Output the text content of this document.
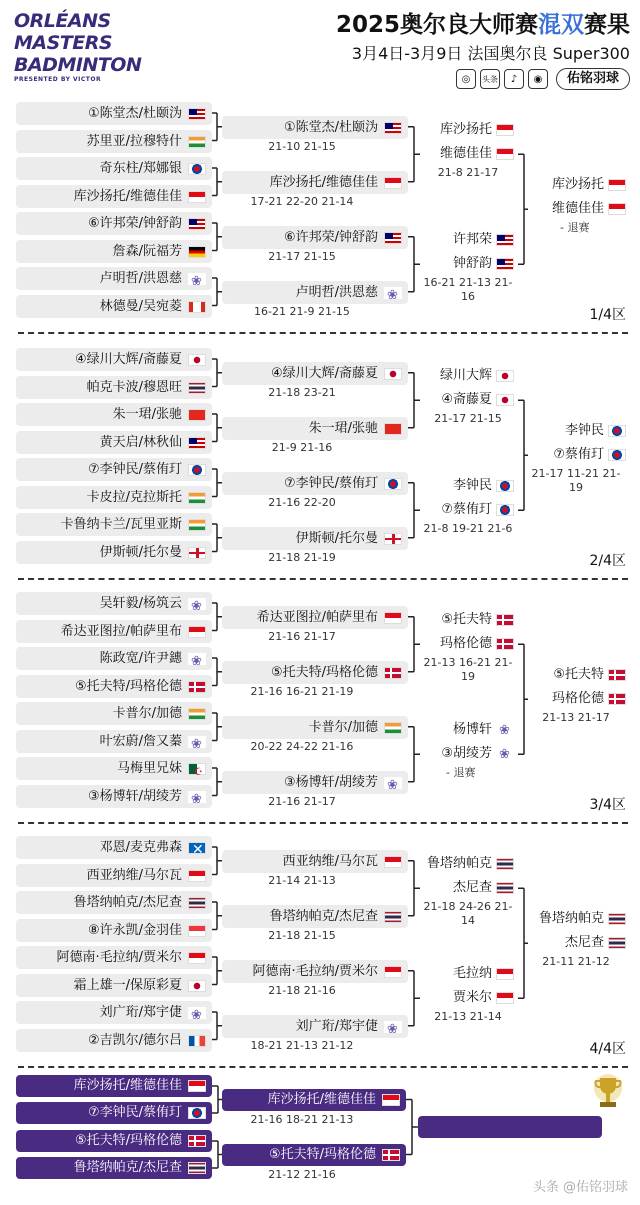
ORLÉANS
MASTERS
BADMINTON
PRESENTED BY VICTOR
2025奥尔良大师赛混双赛果
3月4日-3月9日 法国奥尔良 Super300
◎	头条	♪	◉	佑铭羽球
①陈堂杰/杜颐沩
苏里亚/拉穆特什
奇东柱/郑娜银
库沙扬托/维德佳佳
⑥许邦荣/钟舒韵
詹森/阮福芳
卢明哲/洪恩慈
❀
林德曼/吴宛菱
①陈堂杰/杜颐沩
21-10 21-15
库沙扬托/维德佳佳
17-21 22-20 21-14
⑥许邦荣/钟舒韵
21-17 21-15
卢明哲/洪恩慈
❀
16-21 21-9 21-15
库沙扬托
维德佳佳
21-8 21-17
许邦荣
钟舒韵
16-21 21-13 21-16
库沙扬托
维德佳佳
- 退赛
1/4区
④绿川大辉/斋藤夏
帕克卡波/穆恩旺
朱一珺/张驰
黄天启/林秋仙
⑦李钟民/蔡侑玎
卡皮拉/克拉斯托
卡鲁纳卡兰/瓦里亚斯
伊斯顿/托尔曼
④绿川大辉/斋藤夏
21-18 23-21
朱一珺/张驰
21-9 21-16
⑦李钟民/蔡侑玎
21-16 22-20
伊斯顿/托尔曼
21-18 21-19
绿川大辉
④斋藤夏
21-17 21-15
李钟民
⑦蔡侑玎
21-8 19-21 21-6
李钟民
⑦蔡侑玎
21-17 11-21 21-19
2/4区
吴轩毅/杨筑云
❀
希达亚图拉/帕萨里布
陈政宽/许尹鏸
❀
⑤托夫特/玛格伦德
卡普尔/加德
叶宏蔚/詹又蓁
❀
马梅里兄妹
☪
③杨博轩/胡绫芳
❀
希达亚图拉/帕萨里布
21-16 21-17
⑤托夫特/玛格伦德
21-16 16-21 21-19
卡普尔/加德
20-22 24-22 21-16
③杨博轩/胡绫芳
❀
21-16 21-17
⑤托夫特
玛格伦德
21-13 16-21 21-19
杨博轩
❀
③胡绫芳
❀
- 退赛
⑤托夫特
玛格伦德
21-13 21-17
3/4区
邓恩/麦克弗森
✕
西亚纳维/马尔瓦
鲁塔纳帕克/杰尼查
⑧许永凯/金羽佳
阿德南·毛拉纳/贾米尔
霜上雄一/保原彩夏
刘广珩/郑宇倢
❀
②吉凯尔/德尔吕
西亚纳维/马尔瓦
21-14 21-13
鲁塔纳帕克/杰尼查
21-18 21-15
阿德南·毛拉纳/贾米尔
21-18 21-16
刘广珩/郑宇倢
❀
18-21 21-13 21-12
鲁塔纳帕克
杰尼查
21-18 24-26 21-14
毛拉纳
贾米尔
21-13 21-14
鲁塔纳帕克
杰尼查
21-11 21-12
4/4区
库沙扬托/维德佳佳
⑦李钟民/蔡侑玎
⑤托夫特/玛格伦德
鲁塔纳帕克/杰尼查
库沙扬托/维德佳佳
21-16 18-21 21-13
⑤托夫特/玛格伦德
21-12 21-16
头条 @佑铭羽球
